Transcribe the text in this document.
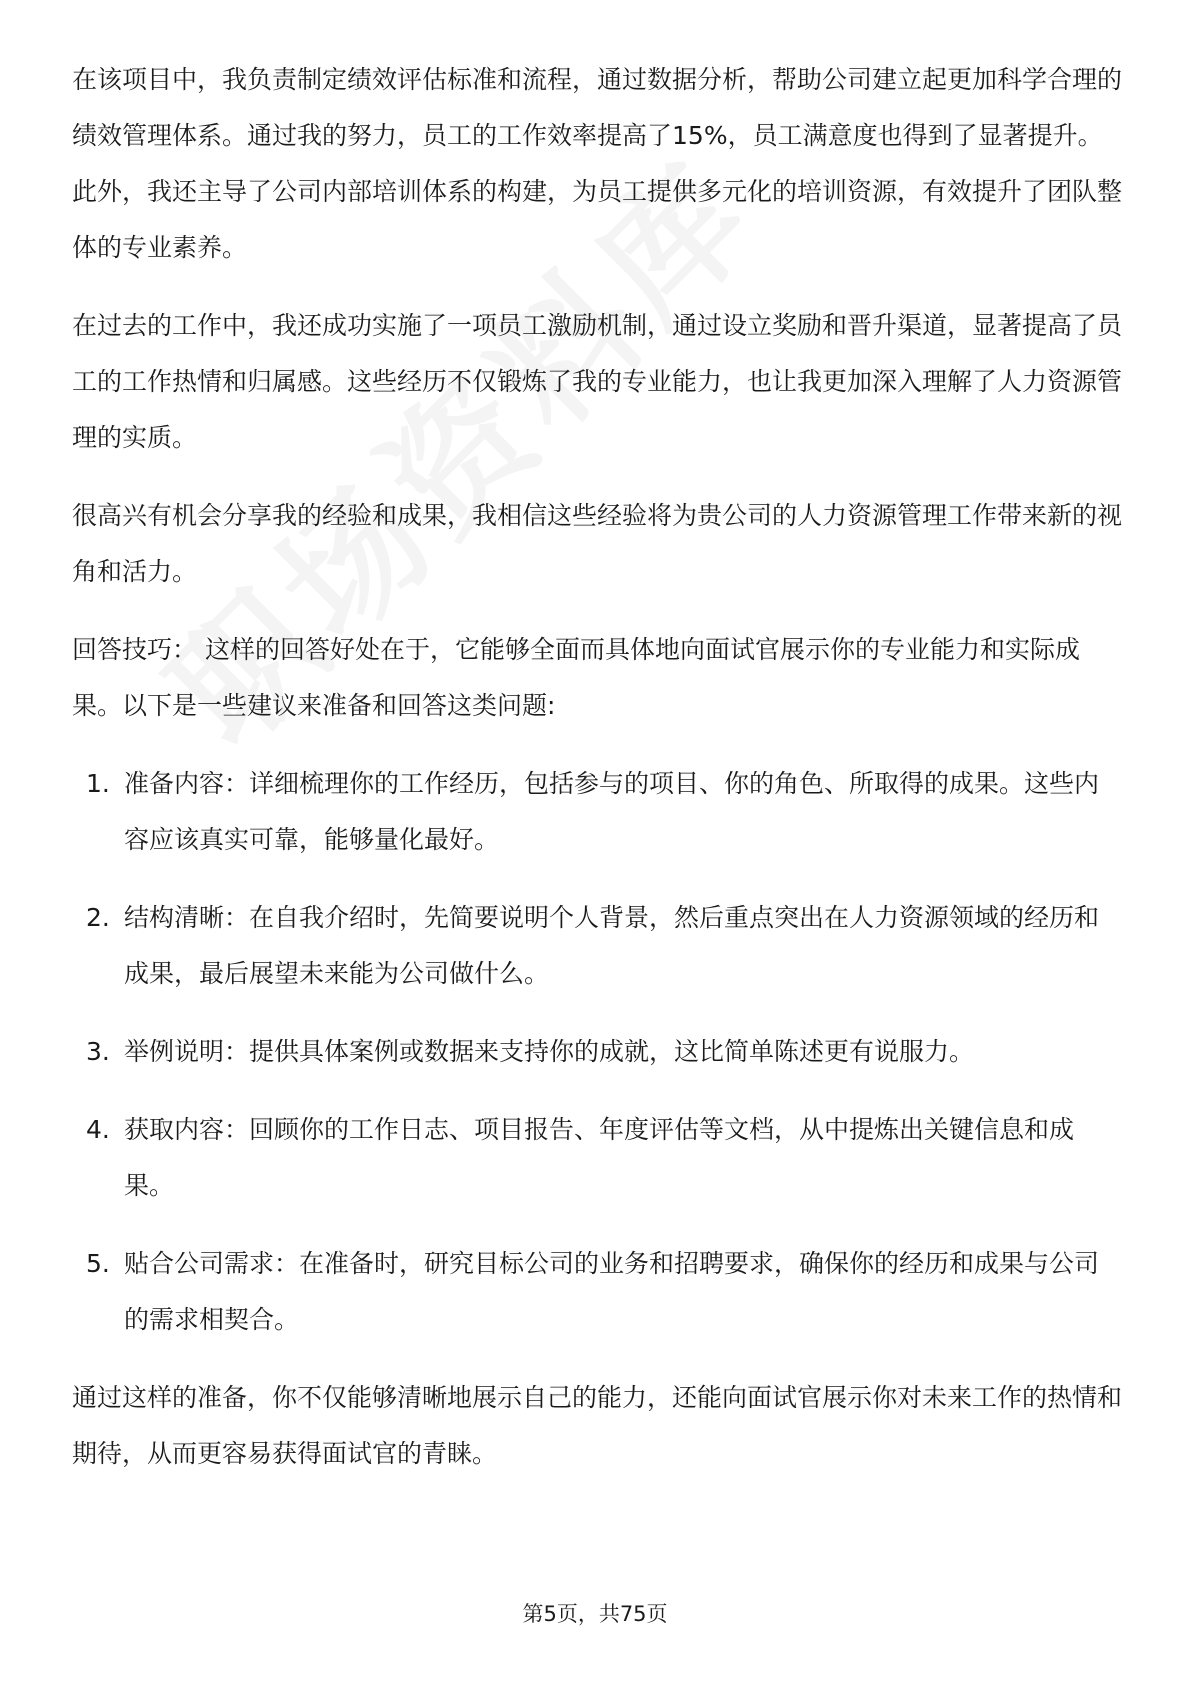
在该项目中，我负责制定绩效评估标准和流程，通过数据分析，帮助公司建立起更加科学合理的绩效管理体系。通过我的努力，员工的工作效率提高了15%，员工满意度也得到了显著提升。此外，我还主导了公司内部培训体系的构建，为员工提供多元化的培训资源，有效提升了团队整体的专业素养。

在过去的工作中，我还成功实施了一项员工激励机制，通过设立奖励和晋升渠道，显著提高了员工的工作热情和归属感。这些经历不仅锻炼了我的专业能力，也让我更加深入理解了人力资源管理的实质。

很高兴有机会分享我的经验和成果，我相信这些经验将为贵公司的人力资源管理工作带来新的视角和活力。

回答技巧： 这样的回答好处在于，它能够全面而具体地向面试官展示你的专业能力和实际成果。以下是一些建议来准备和回答这类问题:

1. 准备内容：详细梳理你的工作经历，包括参与的项目、你的角色、所取得的成果。这些内容应该真实可靠，能够量化最好。
2. 结构清晰：在自我介绍时，先简要说明个人背景，然后重点突出在人力资源领域的经历和成果，最后展望未来能为公司做什么。
3. 举例说明：提供具体案例或数据来支持你的成就，这比简单陈述更有说服力。
4. 获取内容：回顾你的工作日志、项目报告、年度评估等文档，从中提炼出关键信息和成果。
5. 贴合公司需求：在准备时，研究目标公司的业务和招聘要求，确保你的经历和成果与公司的需求相契合。

通过这样的准备，你不仅能够清晰地展示自己的能力，还能向面试官展示你对未来工作的热情和期待，从而更容易获得面试官的青睐。

第5页，共75页
